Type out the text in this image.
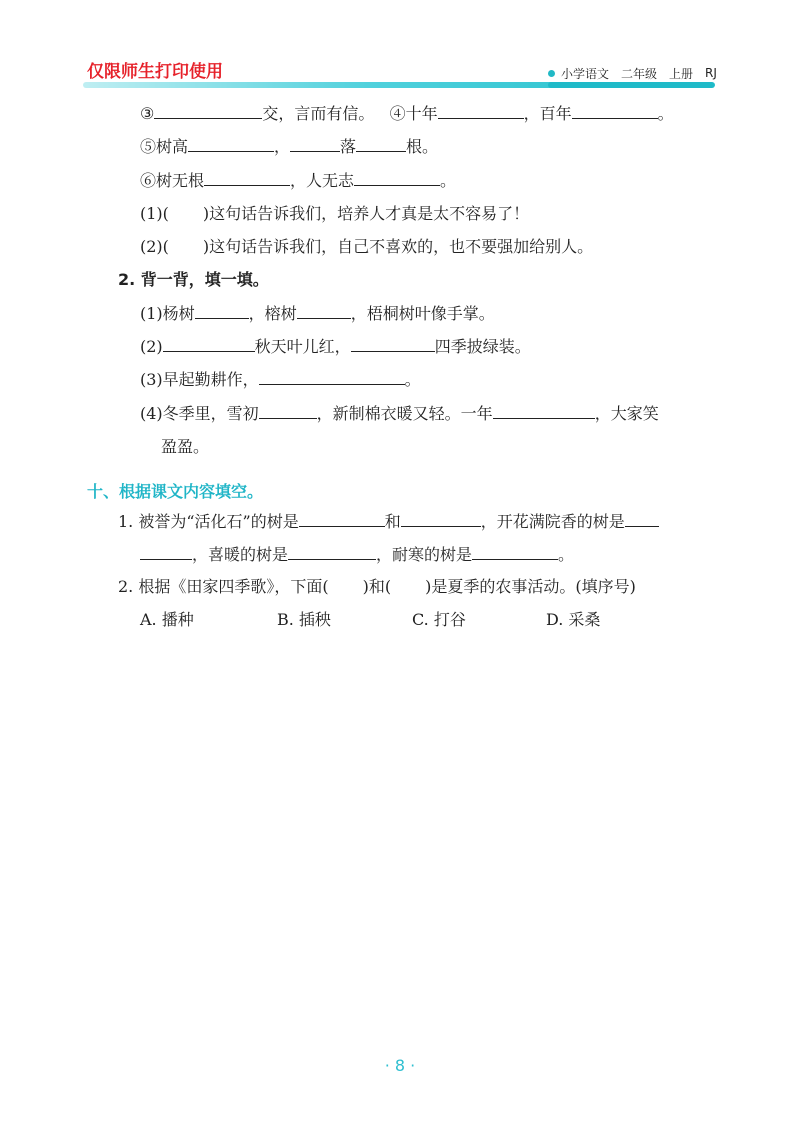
仅限师生打印使用	小学语文 二年级 上册 RJ
③	交，言而有信。 ④十年	，百年	。
⑤树高	，	落	根。
⑥树无根	，人无志	。
(1)( )这句话告诉我们，培养人才真是太不容易了！
(2)( )这句话告诉我们，自己不喜欢的，也不要强加给别人。
2. 背一背，填一填。
(1)杨树	，榕树	，梧桐树叶像手掌。
(2)	秋天叶儿红，	四季披绿装。
(3)早起勤耕作，	。
(4)冬季里，雪初	，新制棉衣暖又轻。一年	，大家笑
盈盈。
十、根据课文内容填空。
1. 被誉为“活化石”的树是	和	，开花满院香的树是
，喜暖的树是	，耐寒的树是	。
2. 根据《田家四季歌》，下面( )和( )是夏季的农事活动。(填序号)
A. 播种	B. 插秧	C. 打谷	D. 采桑
· 8 ·
